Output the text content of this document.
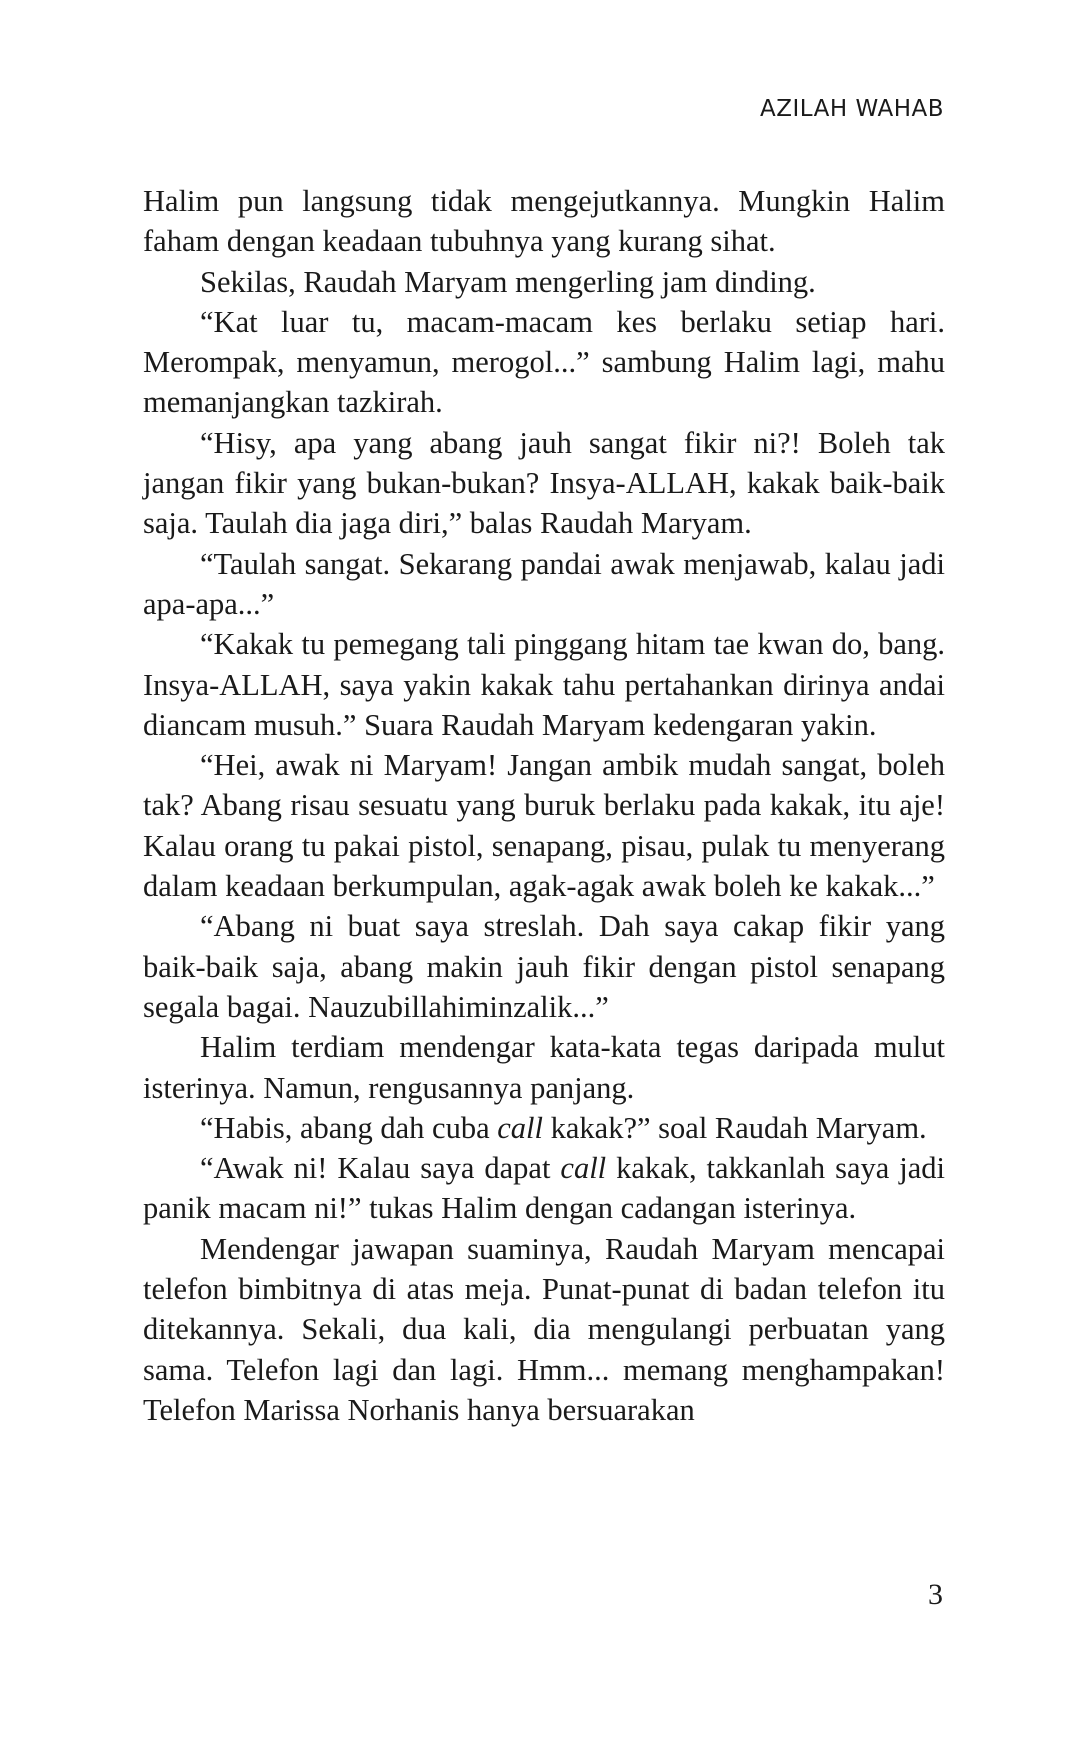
AZILAH WAHAB

Halim pun langsung tidak mengejutkannya. Mungkin Halim faham dengan keadaan tubuhnya yang kurang sihat.

Sekilas, Raudah Maryam mengerling jam dinding.

“Kat luar tu, macam-macam kes berlaku setiap hari. Merompak, menyamun, merogol...” sambung Halim lagi, mahu memanjangkan tazkirah.

“Hisy, apa yang abang jauh sangat fikir ni?! Boleh tak jangan fikir yang bukan-bukan? Insya-ALLAH, kakak baik-baik saja. Taulah dia jaga diri,” balas Raudah Maryam.

“Taulah sangat. Sekarang pandai awak menjawab, kalau jadi apa-apa...”

“Kakak tu pemegang tali pinggang hitam tae kwan do, bang. Insya-ALLAH, saya yakin kakak tahu pertahankan dirinya andai diancam musuh.” Suara Raudah Maryam kedengaran yakin.

“Hei, awak ni Maryam! Jangan ambik mudah sangat, boleh tak? Abang risau sesuatu yang buruk berlaku pada kakak, itu aje! Kalau orang tu pakai pistol, senapang, pisau, pulak tu menyerang dalam keadaan berkumpulan, agak-agak awak boleh ke kakak...”

“Abang ni buat saya streslah. Dah saya cakap fikir yang baik-baik saja, abang makin jauh fikir dengan pistol senapang segala bagai. Nauzubillahiminzalik...”

Halim terdiam mendengar kata-kata tegas daripada mulut isterinya. Namun, rengusannya panjang.

“Habis, abang dah cuba call kakak?” soal Raudah Maryam.

“Awak ni! Kalau saya dapat call kakak, takkanlah saya jadi panik macam ni!” tukas Halim dengan cadangan isterinya.

Mendengar jawapan suaminya, Raudah Maryam mencapai telefon bimbitnya di atas meja. Punat-punat di badan telefon itu ditekannya. Sekali, dua kali, dia mengulangi perbuatan yang sama. Telefon lagi dan lagi. Hmm... memang menghampakan! Telefon Marissa Norhanis hanya bersuarakan

3
